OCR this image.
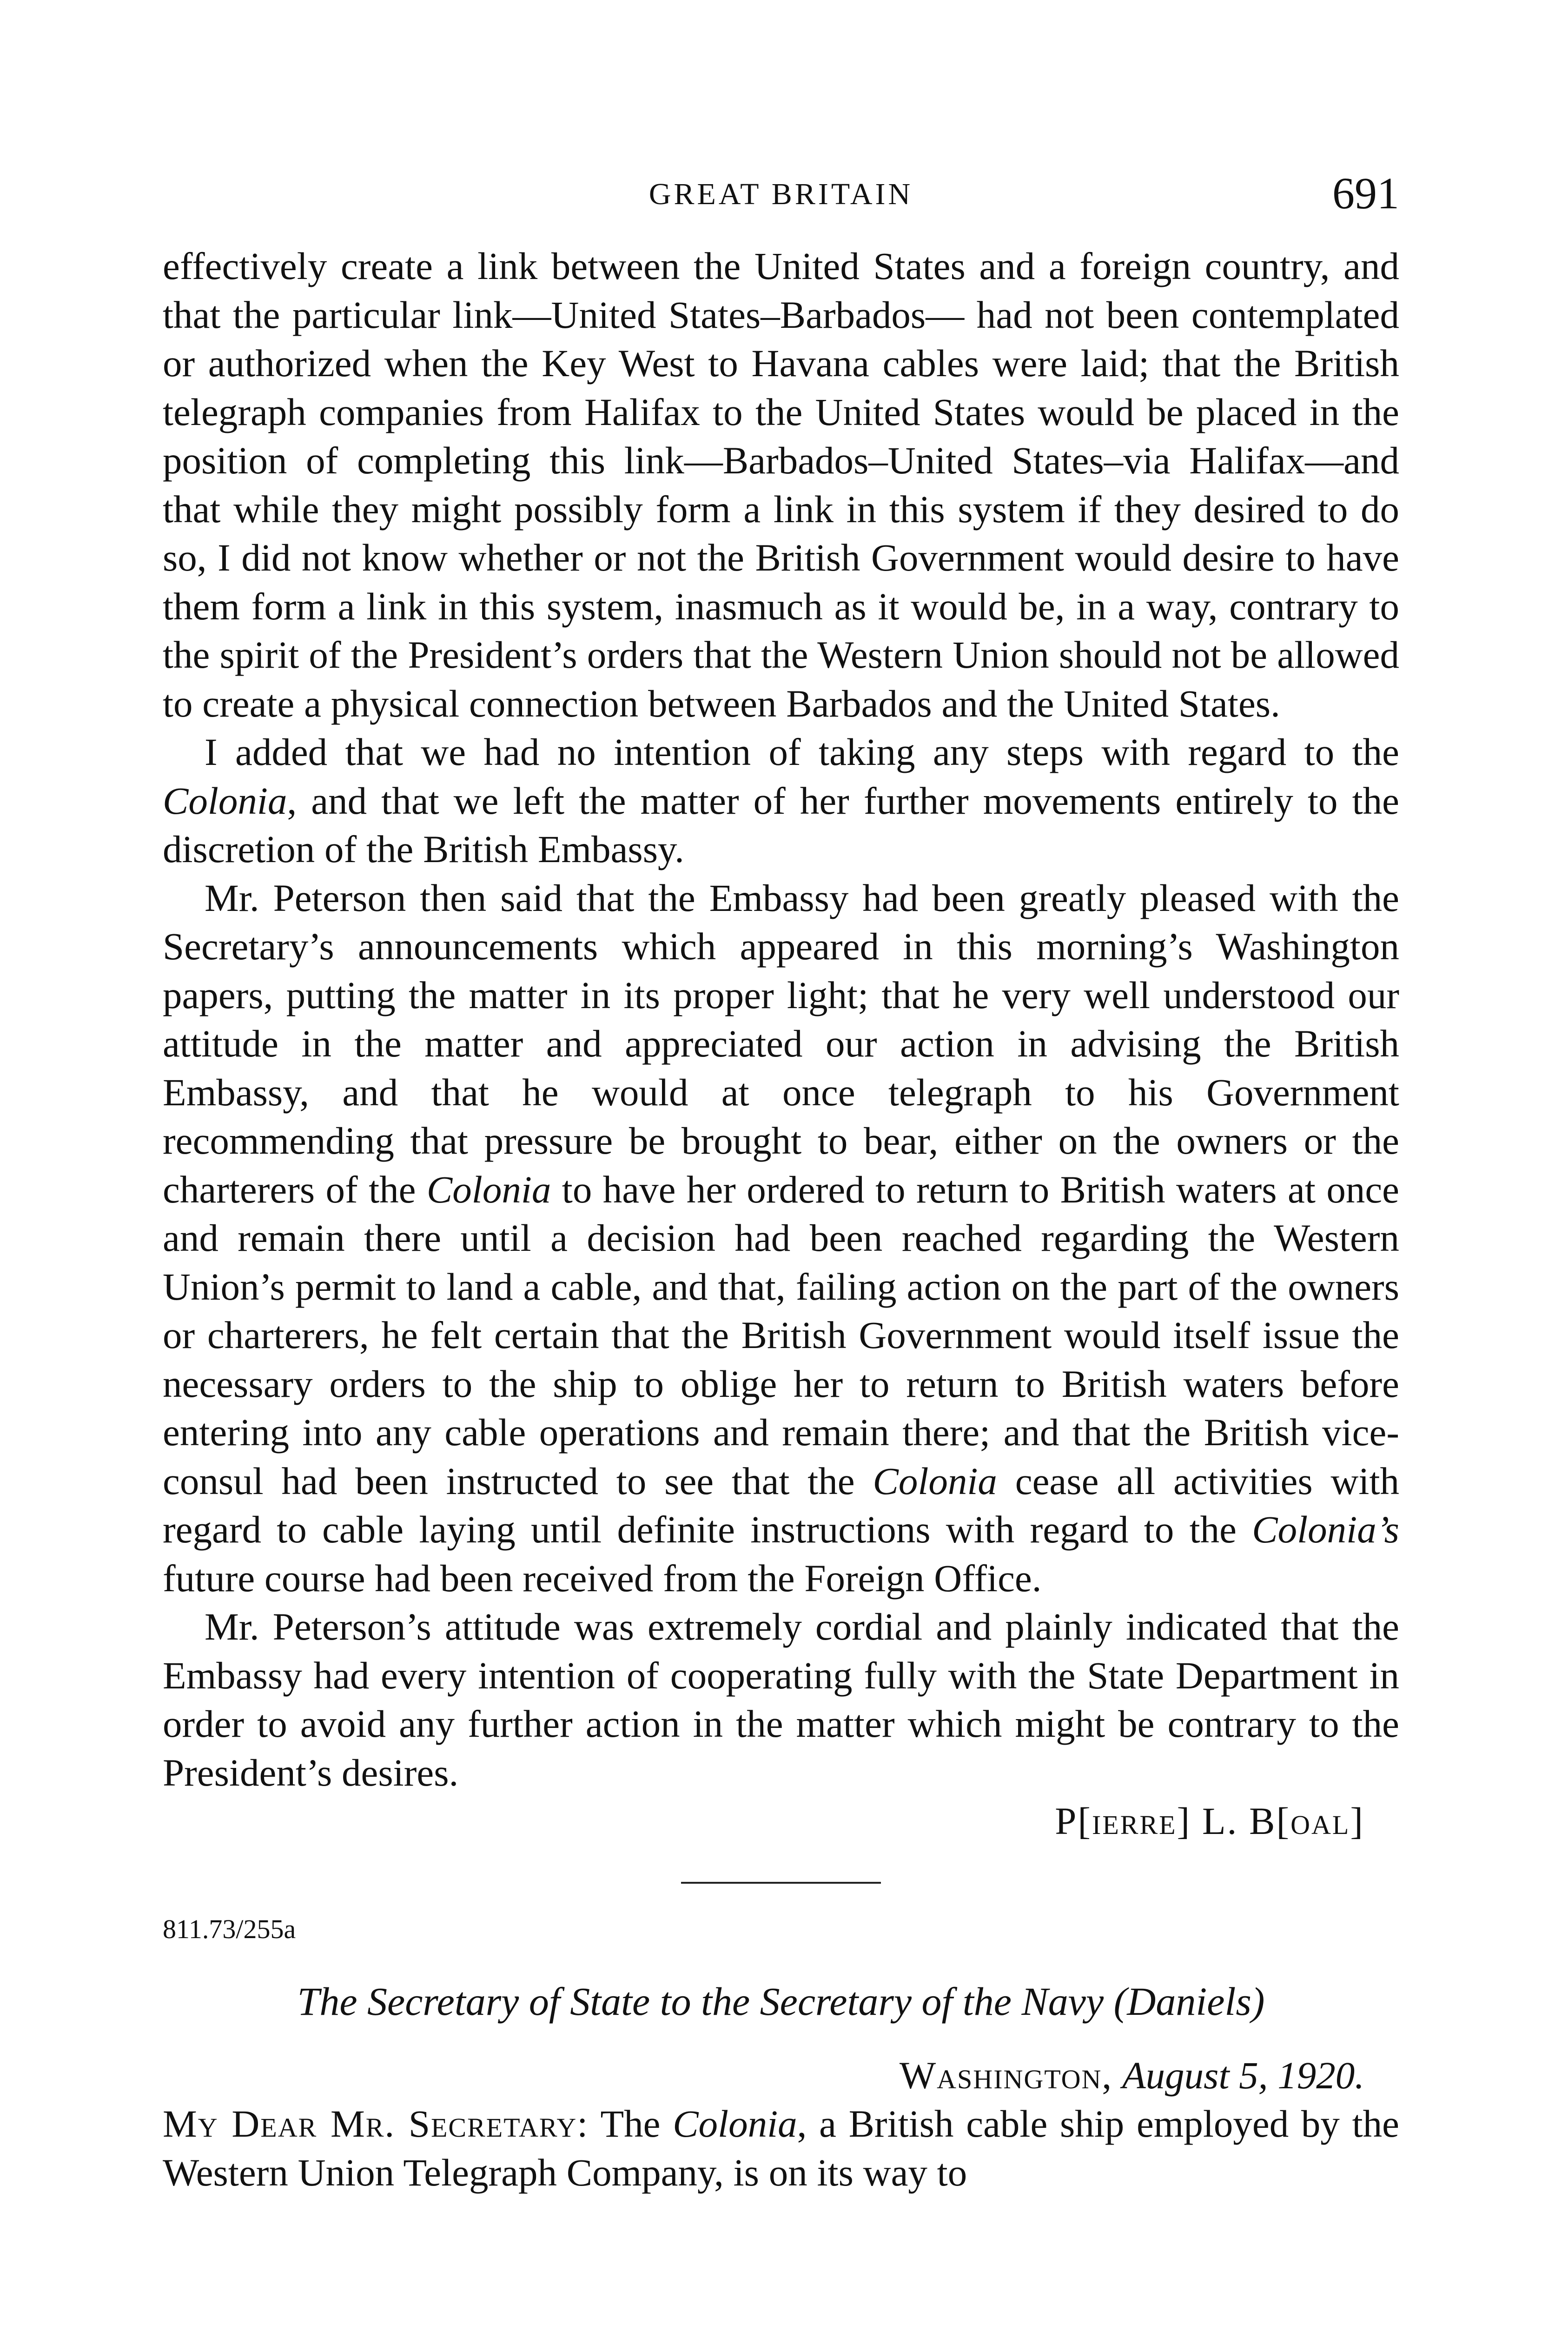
GREAT BRITAIN	691

effectively create a link between the United States and a foreign country, and that the particular link—United States–Barbados— had not been contemplated or authorized when the Key West to Havana cables were laid; that the British telegraph companies from Halifax to the United States would be placed in the position of completing this link—Barbados–United States–via Halifax—and that while they might possibly form a link in this system if they desired to do so, I did not know whether or not the British Government would desire to have them form a link in this system, inasmuch as it would be, in a way, contrary to the spirit of the President’s orders that the Western Union should not be allowed to create a physical connection between Barbados and the United States.

I added that we had no intention of taking any steps with regard to the Colonia, and that we left the matter of her further movements entirely to the discretion of the British Embassy.

Mr. Peterson then said that the Embassy had been greatly pleased with the Secretary’s announcements which appeared in this morning’s Washington papers, putting the matter in its proper light; that he very well understood our attitude in the matter and appreciated our action in advising the British Embassy, and that he would at once telegraph to his Government recommending that pressure be brought to bear, either on the owners or the charterers of the Colonia to have her ordered to return to British waters at once and remain there until a decision had been reached regarding the Western Union’s permit to land a cable, and that, failing action on the part of the owners or charterers, he felt certain that the British Government would itself issue the necessary orders to the ship to oblige her to return to British waters before entering into any cable operations and remain there; and that the British vice-consul had been instructed to see that the Colonia cease all activities with regard to cable laying until definite instructions with regard to the Colonia’s future course had been received from the Foreign Office.

Mr. Peterson’s attitude was extremely cordial and plainly indicated that the Embassy had every intention of cooperating fully with the State Department in order to avoid any further action in the matter which might be contrary to the President’s desires.

P[ierre] L. B[oal]
811.73/255a
The Secretary of State to the Secretary of the Navy (Daniels)
Washington, August 5, 1920.

My Dear Mr. Secretary: The Colonia, a British cable ship employed by the Western Union Telegraph Company, is on its way to
